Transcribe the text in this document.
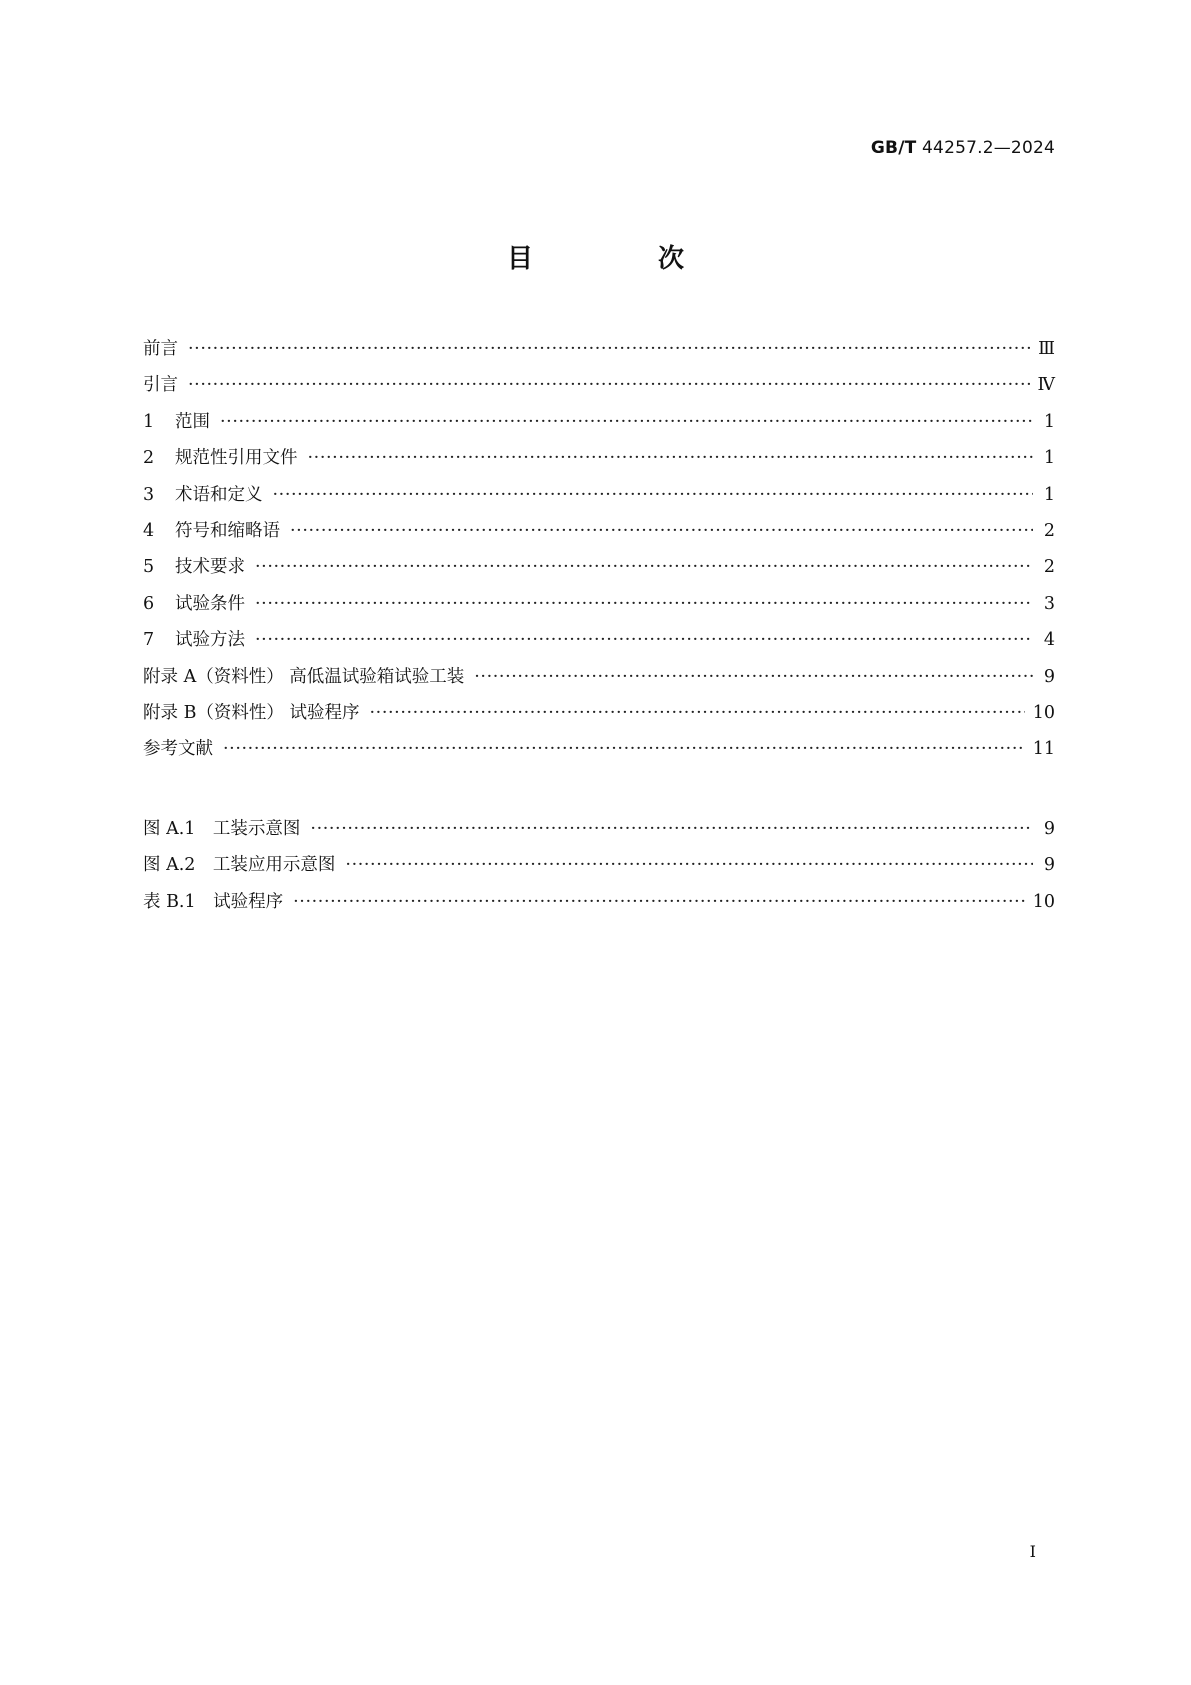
GB/T 44257.2—2024
目 次
前言 ·····	Ⅲ
引言 ·····	Ⅳ
1 范围 ·····	1
2 规范性引用文件 ·····	1
3 术语和定义 ·····	1
4 符号和缩略语 ·····	2
5 技术要求 ·····	2
6 试验条件 ·····	3
7 试验方法 ·····	4
附录 A（资料性） 高低温试验箱试验工装 ·····	9
附录 B（资料性） 试验程序 ·····	10
参考文献 ·····	11
图 A.1　工装示意图 ·····	9
图 A.2　工装应用示意图 ·····	9
表 B.1　试验程序 ·····	10
Ⅰ
